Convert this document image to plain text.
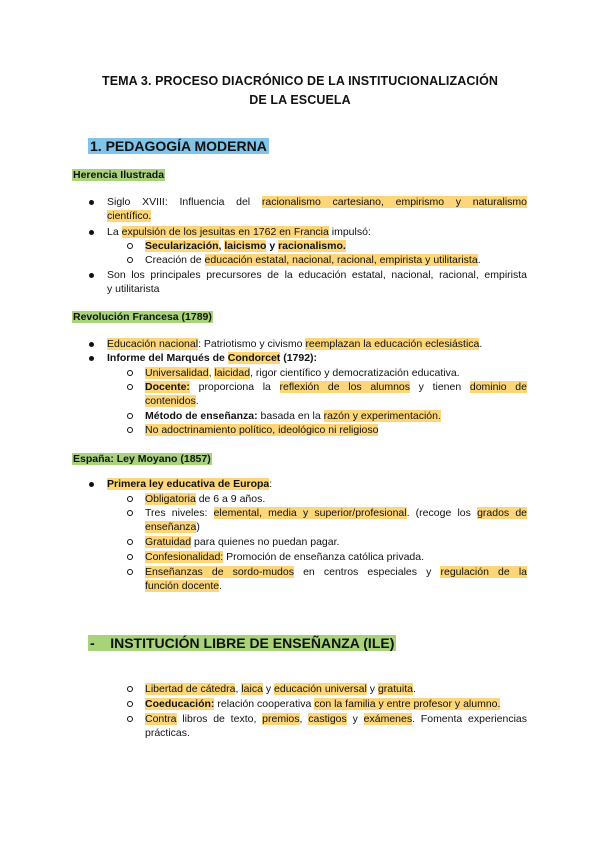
TEMA 3. PROCESO DIACRÓNICO DE LA INSTITUCIONALIZACIÓN
DE LA ESCUELA
1. PEDAGOGÍA MODERNA
Herencia Ilustrada
Siglo XVIII: Influencia del racionalismo cartesiano, empirismo y naturalismo
científico.
La expulsión de los jesuitas en 1762 en Francia impulsó:
Secularización, laicismo y racionalismo.
Creación de educación estatal, nacional, racional, empirista y utilitarista.
Son los principales precursores de la educación estatal, nacional, racional, empirista
y utilitarista
Revolución Francesa (1789)
Educación nacional: Patriotismo y civismo reemplazan la educación eclesiástica.
Informe del Marqués de Condorcet (1792):
Universalidad, laicidad, rigor científico y democratización educativa.
Docente: proporciona la reflexión de los alumnos y tienen dominio de
contenidos.
Método de enseñanza: basada en la razón y experimentación.
No adoctrinamiento político, ideológico ni religioso
España: Ley Moyano (1857)
Primera ley educativa de Europa:
Obligatoria de 6 a 9 años.
Tres niveles: elemental, media y superior/profesional. (recoge los grados de
enseñanza)
Gratuidad para quienes no puedan pagar.
Confesionalidad: Promoción de enseñanza católica privada.
Enseñanzas de sordo-mudos en centros especiales y regulación de la
función docente.
-    INSTITUCIÓN LIBRE DE ENSEÑANZA (ILE)
Libertad de cátedra, laica y educación universal y gratuita.
Coeducación: relación cooperativa con la familia y entre profesor y alumno.
Contra libros de texto, premios, castigos y exámenes. Fomenta experiencias
prácticas.
